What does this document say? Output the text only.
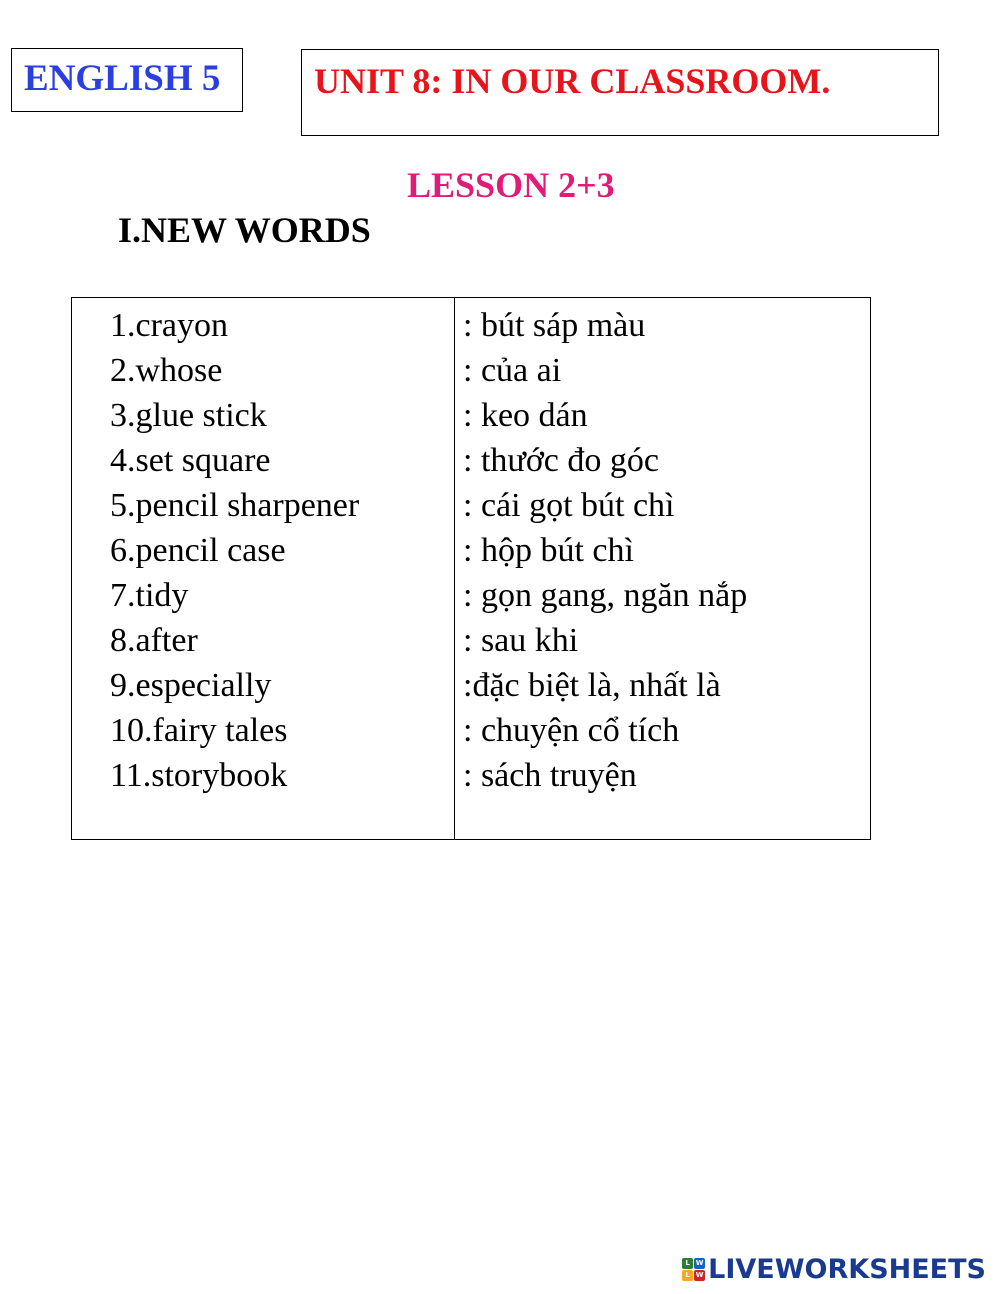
ENGLISH 5	UNIT 8: IN OUR CLASSROOM.
LESSON 2+3
I.NEW WORDS
1.crayon
2.whose
3.glue stick
4.set square
5.pencil sharpener
6.pencil case
7.tidy
8.after
9.especially
10.fairy tales
11.storybook
: bút sáp màu
: của ai
: keo dán
: thước đo góc
: cái gọt bút chì
: hộp bút chì
: gọn gang, ngăn nắp
: sau khi
:đặc biệt là, nhất là
: chuyện cổ tích
: sách truyện
L W
L W LIVEWORKSHEETS
